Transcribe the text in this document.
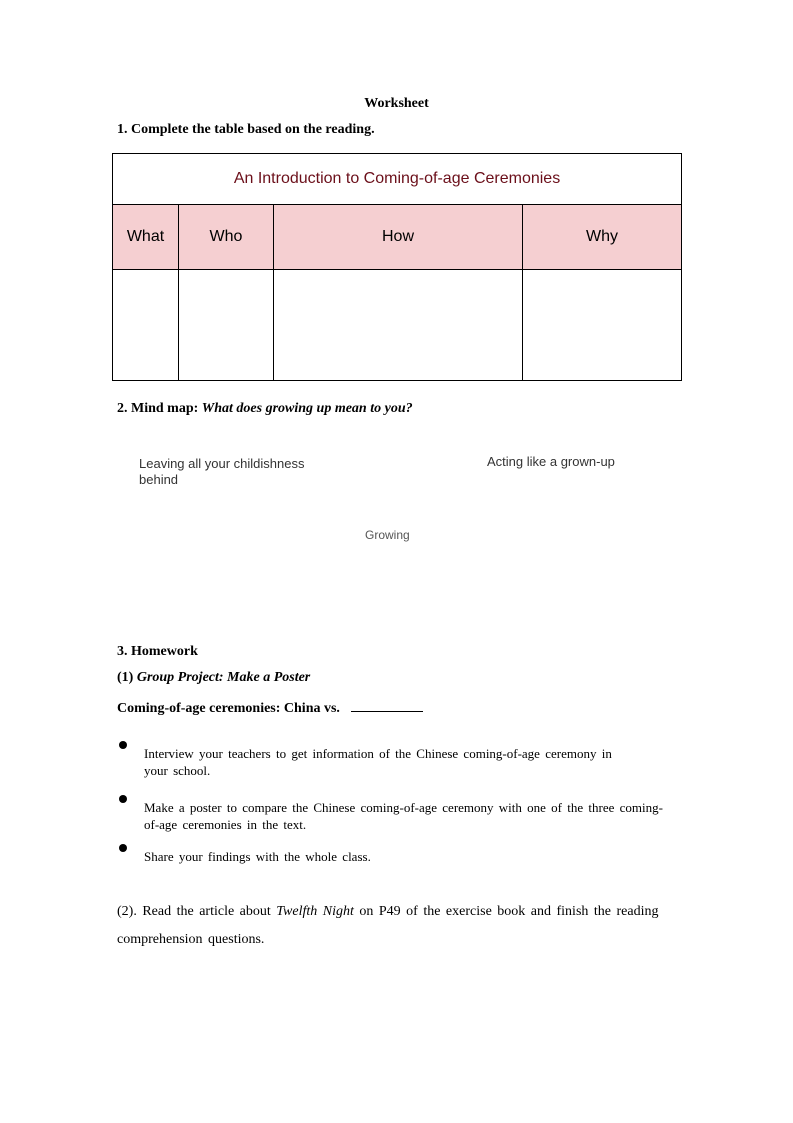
Worksheet
1. Complete the table based on the reading.
An Introduction to Coming-of-age Ceremonies			
What	Who	How	Why

2. Mind map: What does growing up mean to you?
Leaving all your childishness behind
Acting like a grown-up
Growing
3. Homework
(1) Group Project: Make a Poster
Coming-of-age ceremonies: China vs.
Interview your teachers to get information of the Chinese coming-of-age ceremony in your school.
Make a poster to compare the Chinese coming-of-age ceremony with one of the three coming-of-age ceremonies in the text.
Share your findings with the whole class.
(2). Read the article about Twelfth Night on P49 of the exercise book and finish the reading comprehension questions.
